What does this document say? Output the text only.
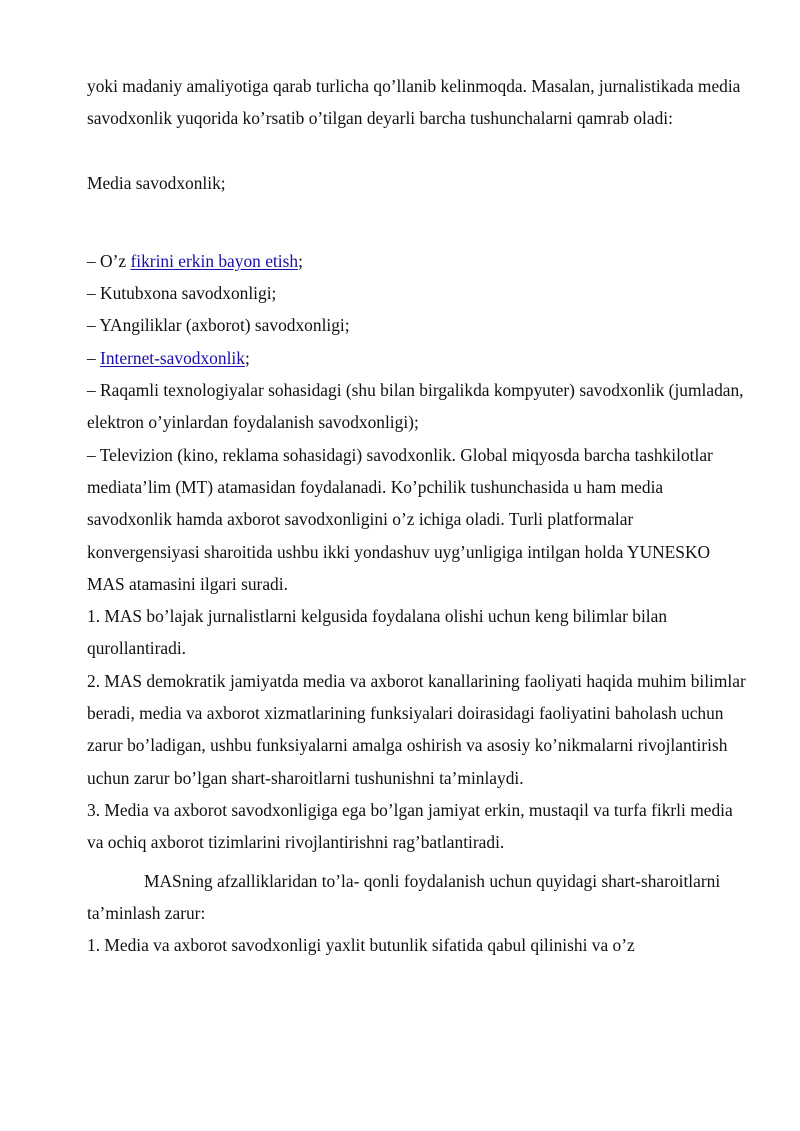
yoki madaniy amaliyotiga qarab turlicha qo’llanib kelinmoqda. Masalan, jurnalistikada media savodxonlik yuqorida ko’rsatib o’tilgan deyarli barcha tushunchalarni qamrab oladi:

Media savodxonlik;

– O’z fikrini erkin bayon etish;

– Kutubxona savodxonligi;

– YAngiliklar (axborot) savodxonligi;

– Internet-savodxonlik;

– Raqamli texnologiyalar sohasidagi (shu bilan birgalikda kompyuter) savodxonlik (jumladan, elektron o’yinlardan foydalanish savodxonligi);

– Televizion (kino, reklama sohasidagi) savodxonlik. Global miqyosda barcha tashkilotlar mediata’lim (MT) atamasidan foydalanadi. Ko’pchilik tushunchasida u ham media savodxonlik hamda axborot savodxonligini o’z ichiga oladi. Turli platformalar konvergensiyasi sharoitida ushbu ikki yondashuv uyg’unligiga intilgan holda YUNESKO MAS atamasini ilgari suradi.

1. MAS bo’lajak jurnalistlarni kelgusida foydalana olishi uchun keng bilimlar bilan qurollantiradi.

2. MAS demokratik jamiyatda media va axborot kanallarining faoliyati haqida muhim bilimlar beradi, media va axborot xizmatlarining funksiyalari doirasidagi faoliyatini baholash uchun zarur bo’ladigan, ushbu funksiyalarni amalga oshirish va asosiy ko’nikmalarni rivojlantirish uchun zarur bo’lgan shart-sharoitlarni tushunishni ta’minlaydi.

3. Media va axborot savodxonligiga ega bo’lgan jamiyat erkin, mustaqil va turfa fikrli media va ochiq axborot tizimlarini rivojlantirishni rag’batlantiradi.

MASning afzalliklaridan to’la- qonli foydalanish uchun quyidagi shart-sharoitlarni ta’minlash zarur:

1. Media va axborot savodxonligi yaxlit butunlik sifatida qabul qilinishi va o’z
